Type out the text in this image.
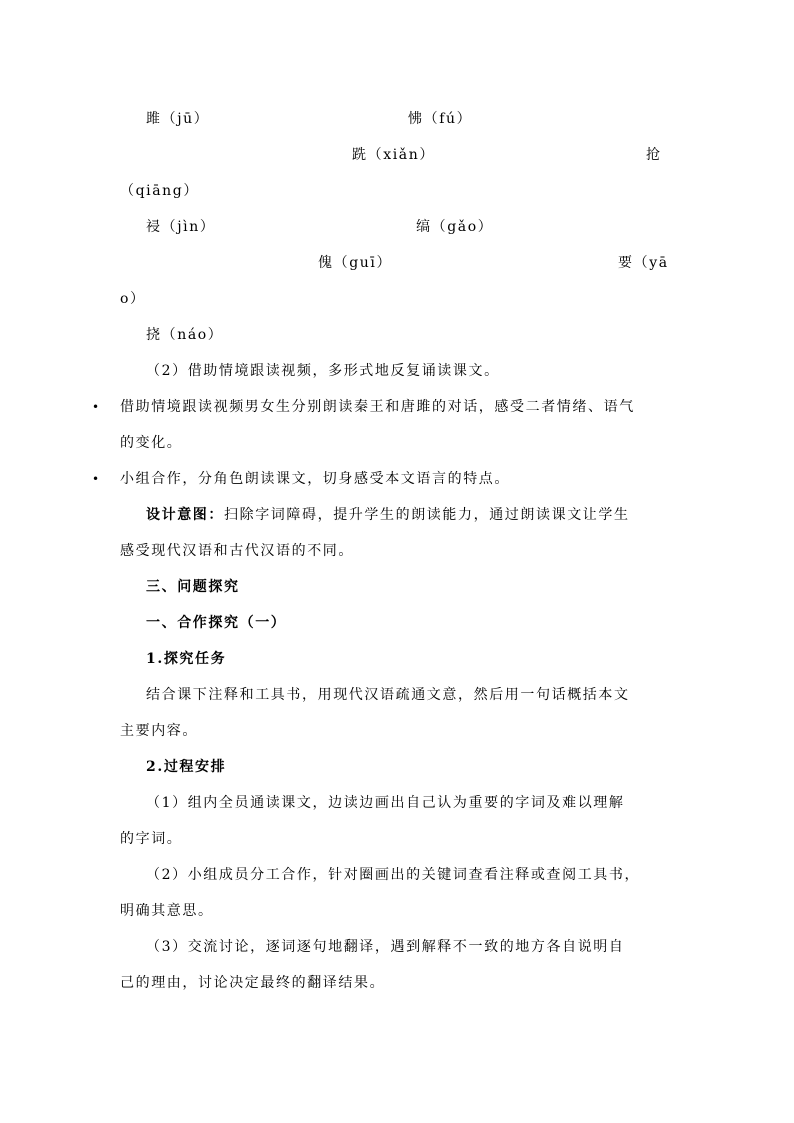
雎（jū）	怫（fú）
跣（xiǎn）	抢
（qiāng）
祲（jìn）	缟（gǎo）
傀（guī）	要（yā
o）
挠（náo）
（2）借助情境跟读视频，多形式地反复诵读课文。
• 借助情境跟读视频男女生分别朗读秦王和唐雎的对话，感受二者情绪、语气
的变化。
• 小组合作，分角色朗读课文，切身感受本文语言的特点。
设计意图：扫除字词障碍，提升学生的朗读能力，通过朗读课文让学生
感受现代汉语和古代汉语的不同。
三、问题探究
一、合作探究（一）
1.探究任务
结合课下注释和工具书，用现代汉语疏通文意，然后用一句话概括本文
主要内容。
2.过程安排
（1）组内全员通读课文，边读边画出自己认为重要的字词及难以理解
的字词。
（2）小组成员分工合作，针对圈画出的关键词查看注释或查阅工具书，
明确其意思。
（3）交流讨论，逐词逐句地翻译，遇到解释不一致的地方各自说明自
己的理由，讨论决定最终的翻译结果。
